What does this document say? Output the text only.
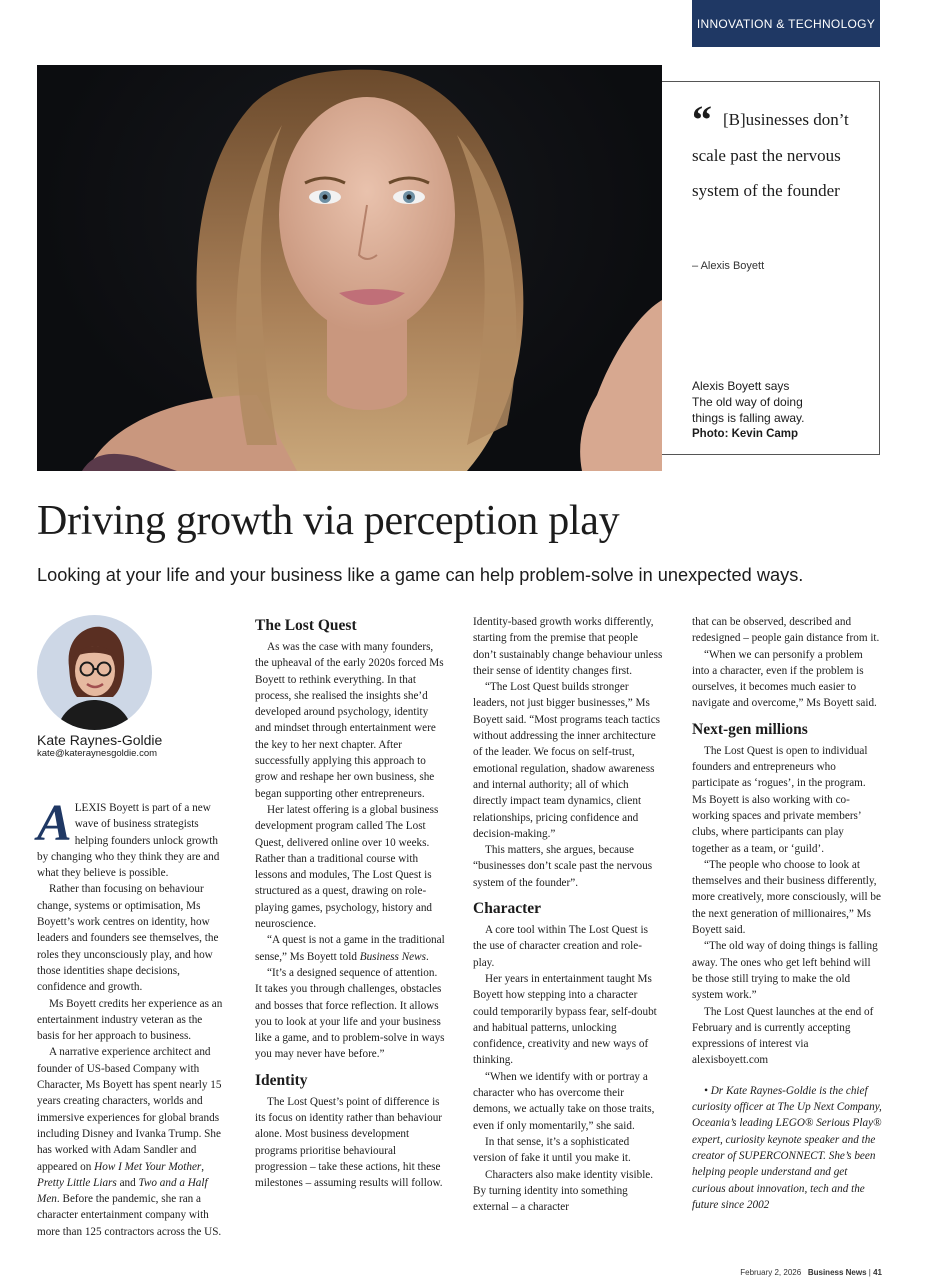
INNOVATION & TECHNOLOGY
“ [B]usinesses don’t scale past the nervous system of the founder
– Alexis Boyett
Alexis Boyett says
The old way of doing
things is falling away.
Photo: Kevin Camp
Driving growth via perception play
Looking at your life and your business like a game can help problem-solve in unexpected ways.
Kate Raynes-Goldie
kate@kateraynesgoldie.com

ALEXIS Boyett is part of a new wave of business strategists helping founders unlock growth by changing who they think they are and what they believe is possible.

Rather than focusing on behaviour change, systems or optimisation, Ms Boyett’s work centres on identity, how leaders and founders see themselves, the roles they unconsciously play, and how those identities shape decisions, confidence and growth.

Ms Boyett credits her experience as an entertainment industry veteran as the basis for her approach to business.

A narrative experience architect and founder of US-based Company with Character, Ms Boyett has spent nearly 15 years creating characters, worlds and immersive experiences for global brands including Disney and Ivanka Trump. She has worked with Adam Sandler and appeared on How I Met Your Mother, Pretty Little Liars and Two and a Half Men. Before the pandemic, she ran a character entertainment company with more than 125 contractors across the US.

The Lost Quest

As was the case with many founders, the upheaval of the early 2020s forced Ms Boyett to rethink everything. In that process, she realised the insights she’d developed around psychology, identity and mindset through entertainment were the key to her next chapter. After successfully applying this approach to grow and reshape her own business, she began supporting other entrepreneurs.

Her latest offering is a global business development program called The Lost Quest, delivered online over 10 weeks. Rather than a traditional course with lessons and modules, The Lost Quest is structured as a quest, drawing on role-playing games, psychology, history and neuroscience.

“A quest is not a game in the traditional sense,” Ms Boyett told Business News.

“It’s a designed sequence of attention. It takes you through challenges, obstacles and bosses that force reflection. It allows you to look at your life and your business like a game, and to problem-solve in ways you may never have before.”

Identity

The Lost Quest’s point of difference is its focus on identity rather than behaviour alone. Most business development programs prioritise behavioural progression – take these actions, hit these milestones – assuming results will follow.

Identity-based growth works differently, starting from the premise that people don’t sustainably change behaviour unless their sense of identity changes first.

“The Lost Quest builds stronger leaders, not just bigger businesses,” Ms Boyett said. “Most programs teach tactics without addressing the inner architecture of the leader. We focus on self-trust, emotional regulation, shadow awareness and internal authority; all of which directly impact team dynamics, client relationships, pricing confidence and decision-making.”

This matters, she argues, because “businesses don’t scale past the nervous system of the founder”.

Character

A core tool within The Lost Quest is the use of character creation and role-play.

Her years in entertainment taught Ms Boyett how stepping into a character could temporarily bypass fear, self-doubt and habitual patterns, unlocking confidence, creativity and new ways of thinking.

“When we identify with or portray a character who has overcome their demons, we actually take on those traits, even if only momentarily,” she said.

In that sense, it’s a sophisticated version of fake it until you make it.

Characters also make identity visible. By turning identity into something external – a character

that can be observed, described and redesigned – people gain distance from it.

“When we can personify a problem into a character, even if the problem is ourselves, it becomes much easier to navigate and overcome,” Ms Boyett said.

Next-gen millions

The Lost Quest is open to individual founders and entrepreneurs who participate as ‘rogues’, in the program. Ms Boyett is also working with co-working spaces and private members’ clubs, where participants can play together as a team, or ‘guild’.

“The people who choose to look at themselves and their business differently, more creatively, more consciously, will be the next generation of millionaires,” Ms Boyett said.

“The old way of doing things is falling away. The ones who get left behind will be those still trying to make the old system work.”

The Lost Quest launches at the end of February and is currently accepting expressions of interest via alexisboyett.com

• Dr Kate Raynes-Goldie is the chief curiosity officer at The Up Next Company, Oceania’s leading LEGO® Serious Play® expert, curiosity keynote speaker and the creator of SUPERCONNECT. She’s been helping people understand and get curious about innovation, tech and the future since 2002

February 2, 2026 Business News | 41
